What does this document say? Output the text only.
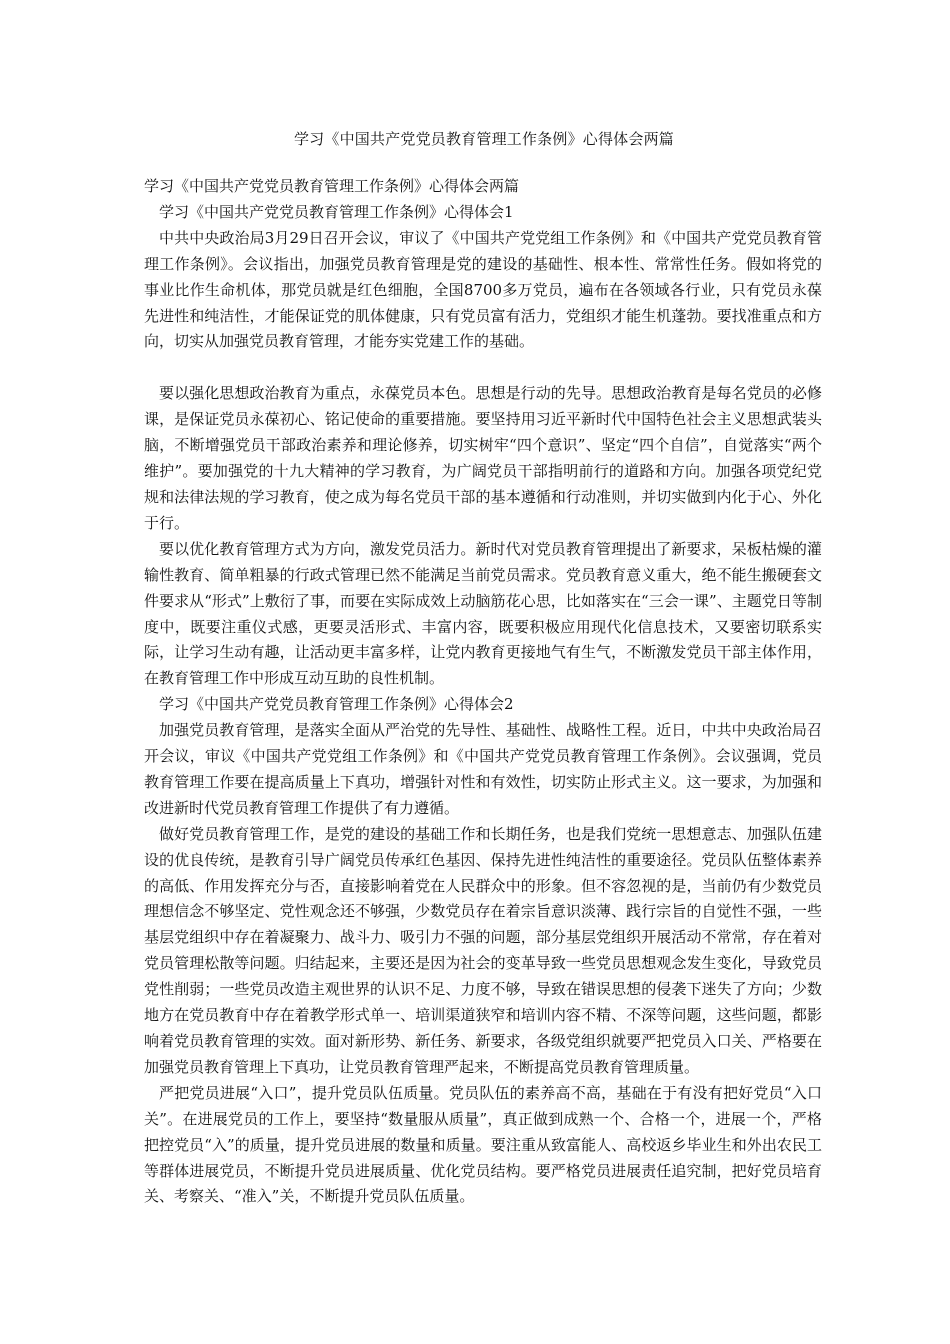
学习《中国共产党党员教育管理工作条例》心得体会两篇

学习《中国共产党党员教育管理工作条例》心得体会两篇

学习《中国共产党党员教育管理工作条例》心得体会1

中共中央政治局3月29日召开会议，审议了《中国共产党党组工作条例》和《中国共产党党员教育管理工作条例》。会议指出，加强党员教育管理是党的建设的基础性、根本性、常常性任务。假如将党的事业比作生命机体，那党员就是红色细胞，全国8700多万党员，遍布在各领域各行业，只有党员永葆先进性和纯洁性，才能保证党的肌体健康，只有党员富有活力，党组织才能生机蓬勃。要找准重点和方向，切实从加强党员教育管理，才能夯实党建工作的基础。

要以强化思想政治教育为重点，永葆党员本色。思想是行动的先导。思想政治教育是每名党员的必修课，是保证党员永葆初心、铭记使命的重要措施。要坚持用习近平新时代中国特色社会主义思想武装头脑，不断增强党员干部政治素养和理论修养，切实树牢“四个意识”、坚定“四个自信”，自觉落实“两个维护”。要加强党的十九大精神的学习教育，为广阔党员干部指明前行的道路和方向。加强各项党纪党规和法律法规的学习教育，使之成为每名党员干部的基本遵循和行动准则，并切实做到内化于心、外化于行。

要以优化教育管理方式为方向，激发党员活力。新时代对党员教育管理提出了新要求，呆板枯燥的灌输性教育、简单粗暴的行政式管理已然不能满足当前党员需求。党员教育意义重大，绝不能生搬硬套文件要求从“形式”上敷衍了事，而要在实际成效上动脑筋花心思，比如落实在“三会一课”、主题党日等制度中，既要注重仪式感，更要灵活形式、丰富内容，既要积极应用现代化信息技术，又要密切联系实际，让学习生动有趣，让活动更丰富多样，让党内教育更接地气有生气，不断激发党员干部主体作用，在教育管理工作中形成互动互助的良性机制。

学习《中国共产党党员教育管理工作条例》心得体会2

加强党员教育管理，是落实全面从严治党的先导性、基础性、战略性工程。近日，中共中央政治局召开会议，审议《中国共产党党组工作条例》和《中国共产党党员教育管理工作条例》。会议强调，党员教育管理工作要在提高质量上下真功，增强针对性和有效性，切实防止形式主义。这一要求，为加强和改进新时代党员教育管理工作提供了有力遵循。

做好党员教育管理工作，是党的建设的基础工作和长期任务，也是我们党统一思想意志、加强队伍建设的优良传统，是教育引导广阔党员传承红色基因、保持先进性纯洁性的重要途径。党员队伍整体素养的高低、作用发挥充分与否，直接影响着党在人民群众中的形象。但不容忽视的是，当前仍有少数党员理想信念不够坚定、党性观念还不够强，少数党员存在着宗旨意识淡薄、践行宗旨的自觉性不强，一些基层党组织中存在着凝聚力、战斗力、吸引力不强的问题，部分基层党组织开展活动不常常，存在着对党员管理松散等问题。归结起来，主要还是因为社会的变革导致一些党员思想观念发生变化，导致党员党性削弱；一些党员改造主观世界的认识不足、力度不够，导致在错误思想的侵袭下迷失了方向；少数地方在党员教育中存在着教学形式单一、培训渠道狭窄和培训内容不精、不深等问题，这些问题，都影响着党员教育管理的实效。面对新形势、新任务、新要求，各级党组织就要严把党员入口关、严格要在加强党员教育管理上下真功，让党员教育管理严起来，不断提高党员教育管理质量。

严把党员进展“入口”，提升党员队伍质量。党员队伍的素养高不高，基础在于有没有把好党员“入口关”。在进展党员的工作上，要坚持“数量服从质量”，真正做到成熟一个、合格一个，进展一个，严格把控党员“入”的质量，提升党员进展的数量和质量。要注重从致富能人、高校返乡毕业生和外出农民工等群体进展党员，不断提升党员进展质量、优化党员结构。要严格党员进展责任追究制，把好党员培育关、考察关、“准入”关，不断提升党员队伍质量。
